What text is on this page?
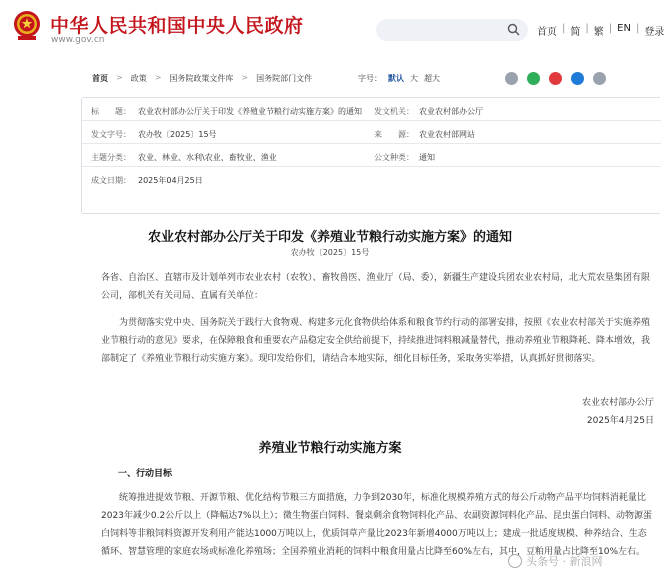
中华人民共和国中央人民政府
www.gov.cn
首页 | 简 | 繁 | EN | 登录
首页 > 政策 > 国务院政策文件库 > 国务院部门文件	字号： 默认 大 超大
标　　题： 农业农村部办公厅关于印发《养殖业节粮行动实施方案》的通知 发文机关： 农业农村部办公厅
发文字号： 农办牧〔2025〕15号	来　　源： 农业农村部网站
主题分类： 农业、林业、水利\农业、畜牧业、渔业	公文种类： 通知
成文日期： 2025年04月25日
农业农村部办公厅关于印发《养殖业节粮行动实施方案》的通知
农办牧〔2025〕15号
各省、自治区、直辖市及计划单列市农业农村（农牧）、畜牧兽医、渔业厅（局、委），新疆生产建设兵团农业农村局，北大荒农垦集团有限公司，部机关有关司局、直属有关单位：
为贯彻落实党中央、国务院关于践行大食物观、构建多元化食物供给体系和粮食节约行动的部署安排，按照《农业农村部关于实施养殖业节粮行动的意见》要求，在保障粮食和重要农产品稳定安全供给前提下，持续推进饲料粮减量替代，推动养殖业节粮降耗、降本增效，我部制定了《养殖业节粮行动实施方案》。现印发给你们，请结合本地实际，细化目标任务，采取务实举措，认真抓好贯彻落实。
农业农村部办公厅
2025年4月25日
养殖业节粮行动实施方案
一、行动目标
统筹推进提效节粮、开源节粮、优化结构节粮三方面措施，力争到2030年，标准化规模养殖方式的每公斤动物产品平均饲料消耗量比2023年减少0.2公斤以上（降幅达7%以上）；微生物蛋白饲料、餐桌剩余食物饲料化产品、农副资源饲料化产品、昆虫蛋白饲料、动物源蛋白饲料等非粮饲料资源开发利用产能达1000万吨以上，优质饲草产量比2023年新增4000万吨以上；建成一批适度规模、种养结合、生态循环、智慧管理的家庭农场或标准化养殖场；全国养殖业消耗的饲料中粮食用量占比降至60%左右，其中，豆粕用量占比降至10%左右。
头条号 · 新浪网
